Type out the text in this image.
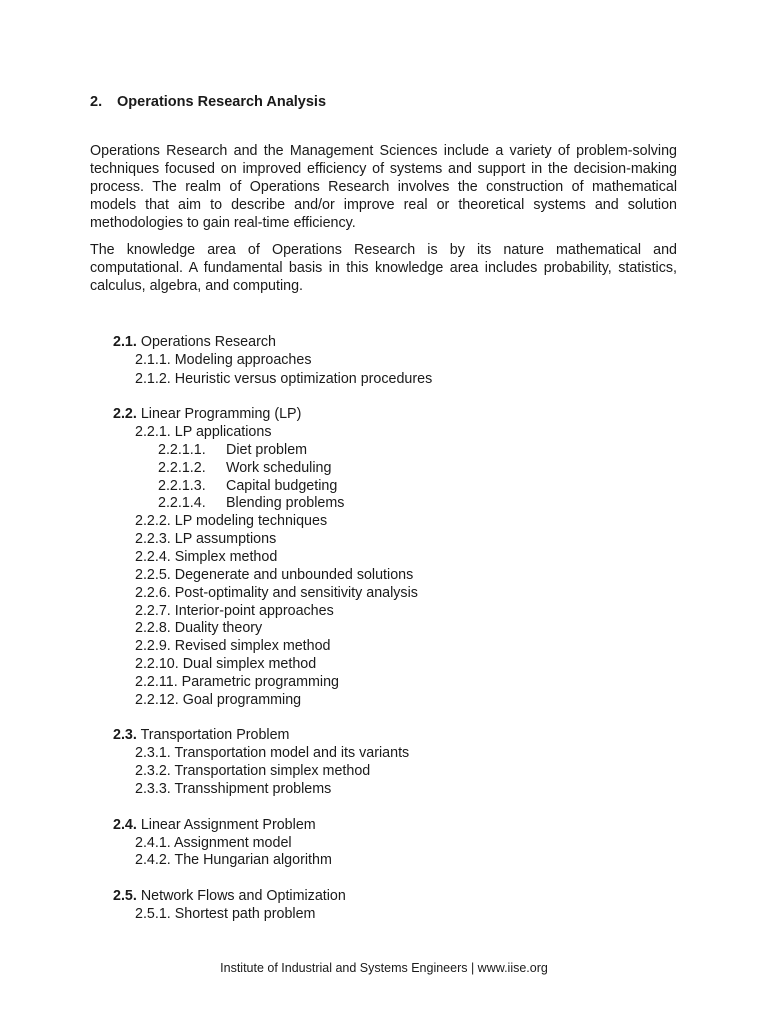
2. Operations Research Analysis
Operations Research and the Management Sciences include a variety of problem-solving
techniques focused on improved efficiency of systems and support in the decision-making
process. The realm of Operations Research involves the construction of mathematical
models that aim to describe and/or improve real or theoretical systems and solution
methodologies to gain real-time efficiency.
The knowledge area of Operations Research is by its nature mathematical and
computational. A fundamental basis in this knowledge area includes probability, statistics,
calculus, algebra, and computing.
2.1. Operations Research
2.1.1. Modeling approaches
2.1.2. Heuristic versus optimization procedures
2.2. Linear Programming (LP)
2.2.1. LP applications
2.2.1.1. Diet problem
2.2.1.2. Work scheduling
2.2.1.3. Capital budgeting
2.2.1.4. Blending problems
2.2.2. LP modeling techniques
2.2.3. LP assumptions
2.2.4. Simplex method
2.2.5. Degenerate and unbounded solutions
2.2.6. Post-optimality and sensitivity analysis
2.2.7. Interior-point approaches
2.2.8. Duality theory
2.2.9. Revised simplex method
2.2.10. Dual simplex method
2.2.11. Parametric programming
2.2.12. Goal programming
2.3. Transportation Problem
2.3.1. Transportation model and its variants
2.3.2. Transportation simplex method
2.3.3. Transshipment problems
2.4. Linear Assignment Problem
2.4.1. Assignment model
2.4.2. The Hungarian algorithm
2.5. Network Flows and Optimization
2.5.1. Shortest path problem
Institute of Industrial and Systems Engineers | www.iise.org
